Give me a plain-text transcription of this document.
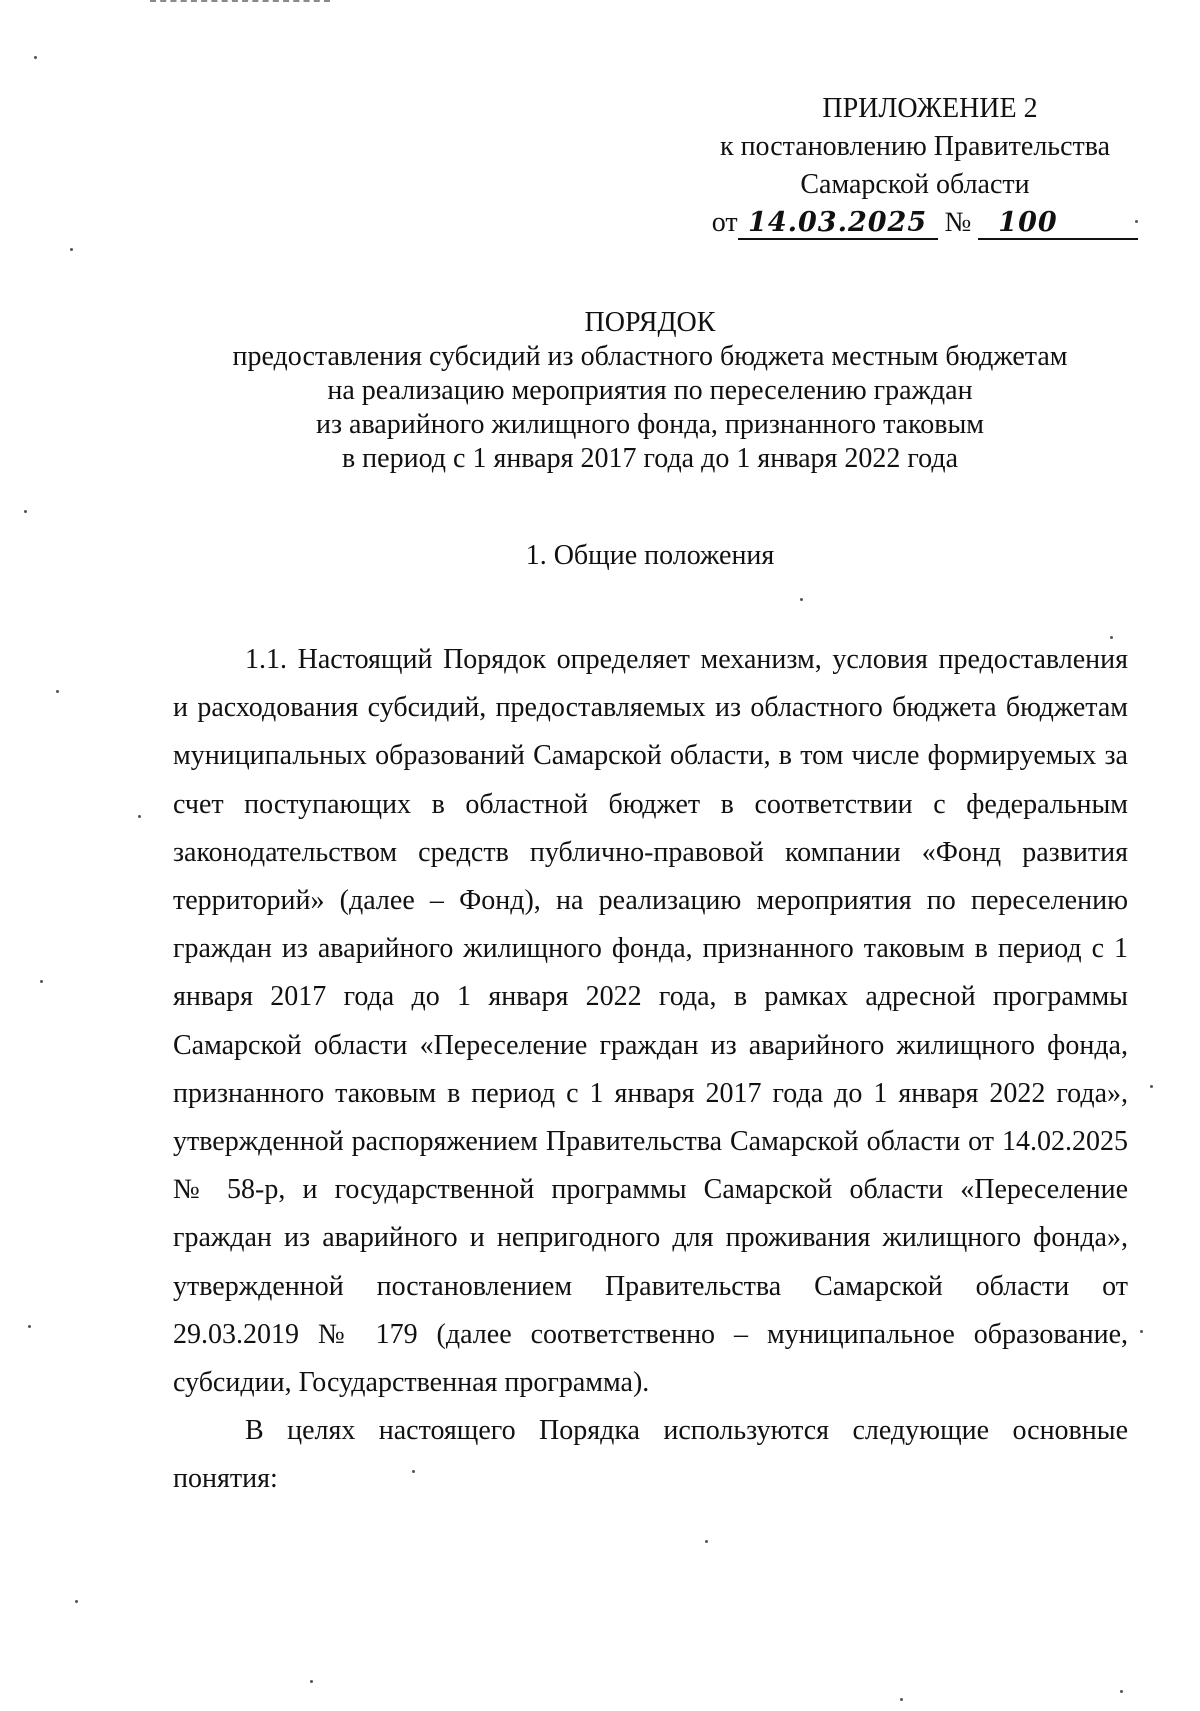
ПРИЛОЖЕНИЕ 2
к постановлению Правительства
Самарской области
от 14.03.2025 № 100
ПОРЯДОК
предоставления субсидий из областного бюджета местным бюджетам
на реализацию мероприятия по переселению граждан
из аварийного жилищного фонда, признанного таковым
в период с 1 января 2017 года до 1 января 2022 года
1. Общие положения

1.1. Настоящий Порядок определяет механизм, условия предоставления и расходования субсидий, предоставляемых из областного бюджета бюджетам муниципальных образований Самарской области, в том числе формируемых за счет поступающих в областной бюджет в соответствии с федеральным законодательством средств публично-правовой компании «Фонд развития территорий» (далее – Фонд), на реализацию мероприятия по переселению граждан из аварийного жилищного фонда, признанного таковым в период с 1 января 2017 года до 1 января 2022 года, в рамках адресной программы Самарской области «Переселение граждан из аварийного жилищного фонда, признанного таковым в период с 1 января 2017 года до 1 января 2022 года», утвержденной распоряжением Правительства Самарской области от 14.02.2025 № 58-р, и государственной программы Самарской области «Переселение граждан из аварийного и непригодного для проживания жилищного фонда», утвержденной постановлением Правительства Самарской области от 29.03.2019 № 179 (далее соответственно – муниципальное образование, субсидии, Государственная программа).

В целях настоящего Порядка используются следующие основные понятия:
